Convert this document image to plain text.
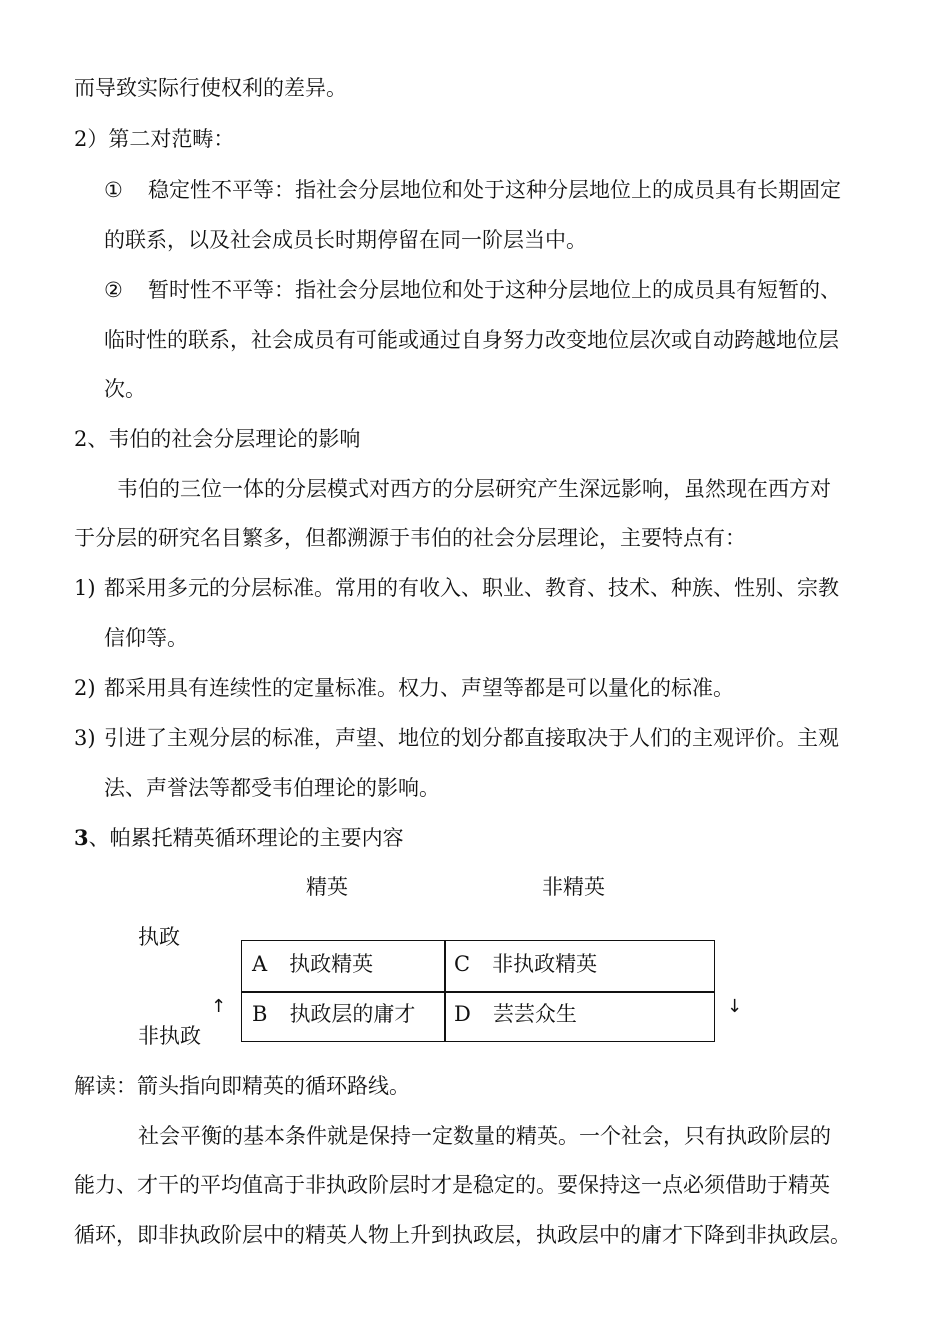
而导致实际行使权利的差异。
2）第二对范畴：
① 稳定性不平等：指社会分层地位和处于这种分层地位上的成员具有长期固定
的联系，以及社会成员长时期停留在同一阶层当中。
② 暂时性不平等：指社会分层地位和处于这种分层地位上的成员具有短暂的、
临时性的联系，社会成员有可能或通过自身努力改变地位层次或自动跨越地位层
次。
2、韦伯的社会分层理论的影响
韦伯的三位一体的分层模式对西方的分层研究产生深远影响，虽然现在西方对
于分层的研究名目繁多，但都溯源于韦伯的社会分层理论，主要特点有：
1) 都采用多元的分层标准。常用的有收入、职业、教育、技术、种族、性别、宗教
信仰等。
2) 都采用具有连续性的定量标准。权力、声望等都是可以量化的标准。
3) 引进了主观分层的标准，声望、地位的划分都直接取决于人们的主观评价。主观
法、声誉法等都受韦伯理论的影响。
3、帕累托精英循环理论的主要内容
精英	非精英
执政
非执政
↑	↓
A 执政精英	C 非执政精英
B 执政层的庸才 D 芸芸众生
解读：箭头指向即精英的循环路线。
社会平衡的基本条件就是保持一定数量的精英。一个社会，只有执政阶层的
能力、才干的平均值高于非执政阶层时才是稳定的。要保持这一点必须借助于精英
循环，即非执政阶层中的精英人物上升到执政层，执政层中的庸才下降到非执政层。
